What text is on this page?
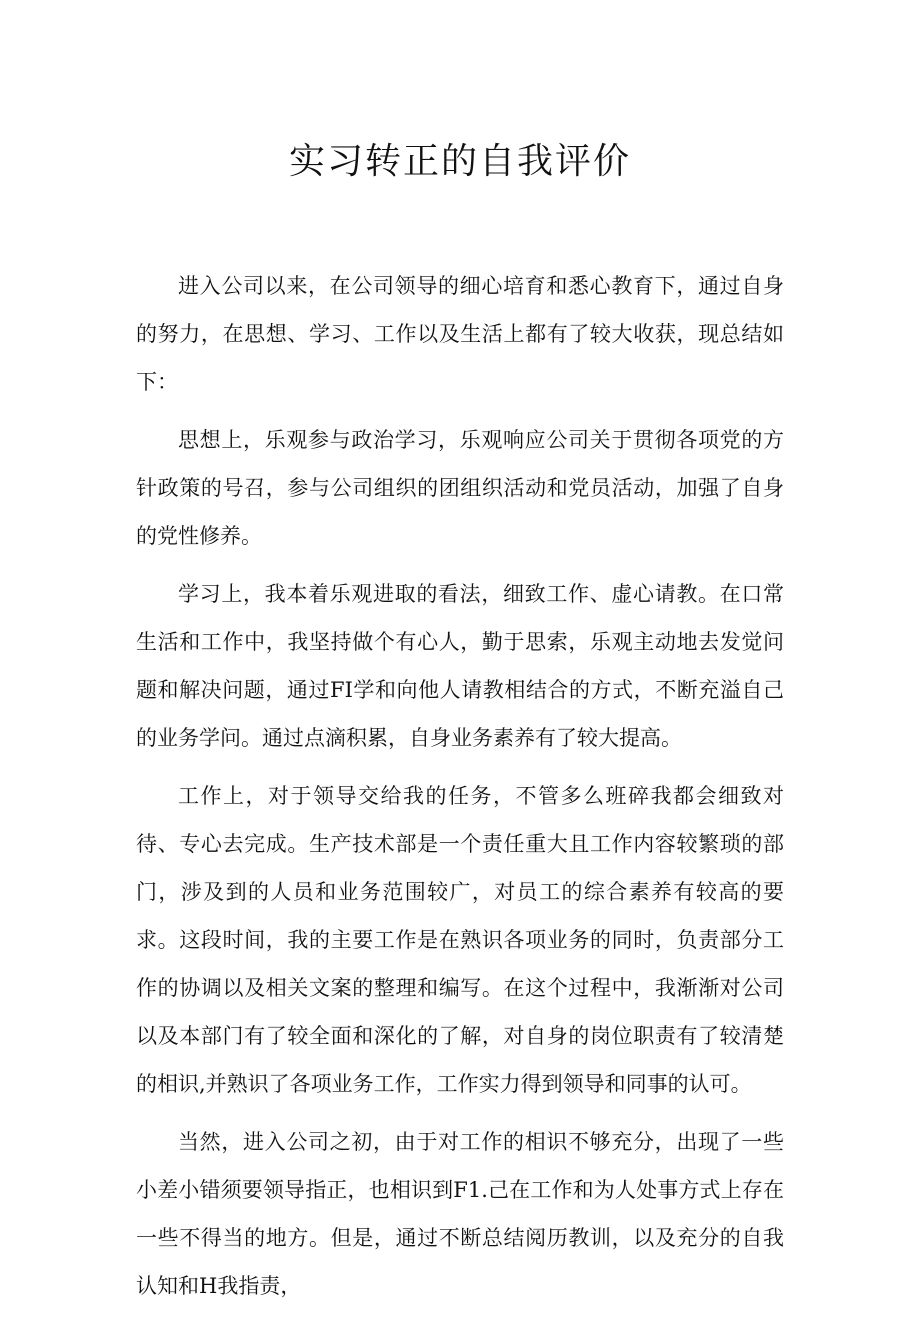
实习转正的自我评价

进入公司以来，在公司领导的细心培育和悉心教育下，通过自身的努力，在思想、学习、工作以及生活上都有了较大收获，现总结如下：

思想上，乐观参与政治学习，乐观响应公司关于贯彻各项党的方针政策的号召，参与公司组织的团组织活动和党员活动，加强了自身的党性修养。

学习上，我本着乐观进取的看法，细致工作、虚心请教。在口常生活和工作中，我坚持做个有心人，勤于思索，乐观主动地去发觉问题和解决问题，通过FI学和向他人请教相结合的方式，不断充溢自己的业务学问。通过点滴积累，自身业务素养有了较大提高。

工作上，对于领导交给我的任务，不管多么班碎我都会细致对待、专心去完成。生产技术部是一个责任重大且工作内容较繁琐的部门，涉及到的人员和业务范围较广，对员工的综合素养有较高的要求。这段时间，我的主要工作是在熟识各项业务的同时，负责部分工作的协调以及相关文案的整理和编写。在这个过程中，我渐渐对公司以及本部门有了较全面和深化的了解，对自身的岗位职责有了较清楚的相识,并熟识了各项业务工作，工作实力得到领导和同事的认可。

当然，进入公司之初，由于对工作的相识不够充分，出现了一些小差小错须要领导指正，也相识到F1.己在工作和为人处事方式上存在一些不得当的地方。但是，通过不断总结阅历教训，以及充分的自我认知和H我指责，
